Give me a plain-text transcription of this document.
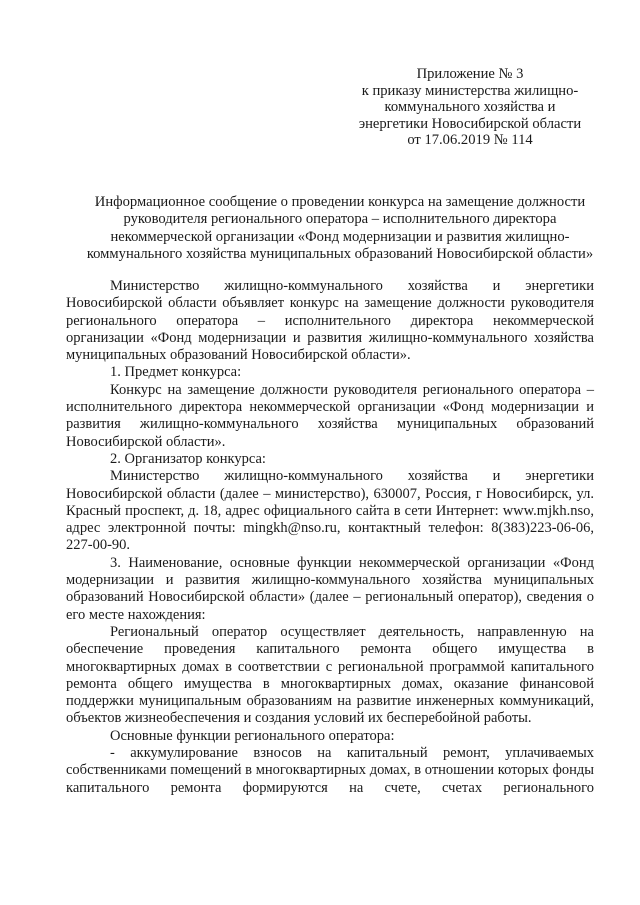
Приложение № 3
к приказу министерства жилищно-
коммунального хозяйства и
энергетики Новосибирской области
от 17.06.2019 № 114
Информационное сообщение о проведении конкурса на замещение должности
руководителя регионального оператора – исполнительного директора
некоммерческой организации «Фонд модернизации и развития жилищно-
коммунального хозяйства муниципальных образований Новосибирской области»

Министерство жилищно-коммунального хозяйства и энергетики Новосибирской области объявляет конкурс на замещение должности руководителя регионального оператора – исполнительного директора некоммерческой организации «Фонд модернизации и развития жилищно-коммунального хозяйства муниципальных образований Новосибирской области».

1. Предмет конкурса:

Конкурс на замещение должности руководителя регионального оператора – исполнительного директора некоммерческой организации «Фонд модернизации и развития жилищно-коммунального хозяйства муниципальных образований Новосибирской области».

2. Организатор конкурса:

Министерство жилищно-коммунального хозяйства и энергетики Новосибирской области (далее – министерство), 630007, Россия, г Новосибирск, ул. Красный проспект, д. 18, адрес официального сайта в сети Интернет: www.mjkh.nso, адрес электронной почты: mingkh@nso.ru, контактный телефон: 8(383)223-06-06, 227-00-90.

3. Наименование, основные функции некоммерческой организации «Фонд модернизации и развития жилищно-коммунального хозяйства муниципальных образований Новосибирской области» (далее – региональный оператор), сведения о его месте нахождения:

Региональный оператор осуществляет деятельность, направленную на обеспечение проведения капитального ремонта общего имущества в многоквартирных домах в соответствии с региональной программой капитального ремонта общего имущества в многоквартирных домах, оказание финансовой поддержки муниципальным образованиям на развитие инженерных коммуникаций, объектов жизнеобеспечения и создания условий их бесперебойной работы.

Основные функции регионального оператора:

- аккумулирование взносов на капитальный ремонт, уплачиваемых собственниками помещений в многоквартирных домах, в отношении которых фонды капитального ремонта формируются на счете, счетах регионального
